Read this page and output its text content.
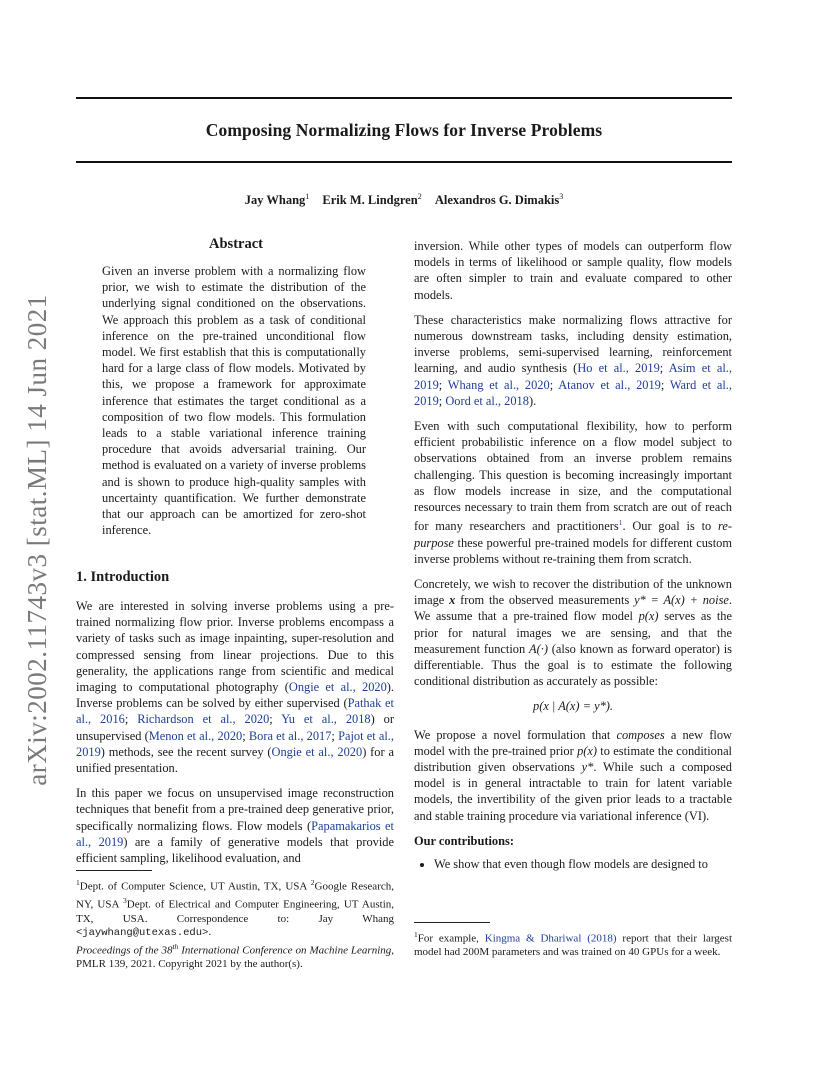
Composing Normalizing Flows for Inverse Problems
Jay Whang$^1$ Erik M. Lindgren$^2$ Alexandros G. Dimakis$^3$
arXiv:2002.11743v3 [stat.ML] 14 Jun 2021
Abstract
Given an inverse problem with a normalizing flow prior, we wish to estimate the distribution of the underlying signal conditioned on the observations. We approach this problem as a task of conditional inference on the pre-trained unconditional flow model. We first establish that this is computationally hard for a large class of flow models. Motivated by this, we propose a framework for approximate inference that estimates the target conditional as a composition of two flow models. This formulation leads to a stable variational inference training procedure that avoids adversarial training. Our method is evaluated on a variety of inverse problems and is shown to produce high-quality samples with uncertainty quantification. We further demonstrate that our approach can be amortized for zero-shot inference.
1. Introduction

We are interested in solving inverse problems using a pre-trained normalizing flow prior. Inverse problems encompass a variety of tasks such as image inpainting, super-resolution and compressed sensing from linear projections. Due to this generality, the applications range from scientific and medical imaging to computational photography (Ongie et al., 2020). Inverse problems can be solved by either supervised (Pathak et al., 2016; Richardson et al., 2020; Yu et al., 2018) or unsupervised (Menon et al., 2020; Bora et al., 2017; Pajot et al., 2019) methods, see the recent survey (Ongie et al., 2020) for a unified presentation.

In this paper we focus on unsupervised image reconstruction techniques that benefit from a pre-trained deep generative prior, specifically normalizing flows. Flow models (Papamakarios et al., 2019) are a family of generative models that provide efficient sampling, likelihood evaluation, and

$^1$Dept. of Computer Science, UT Austin, TX, USA $^2$Google Research, NY, USA $^3$Dept. of Electrical and Computer Engineering, UT Austin, TX, USA. Correspondence to: Jay Whang <jaywhang@utexas.edu>.

Proceedings of the 38th International Conference on Machine Learning, PMLR 139, 2021. Copyright 2021 by the author(s).

inversion. While other types of models can outperform flow models in terms of likelihood or sample quality, flow models are often simpler to train and evaluate compared to other models.

These characteristics make normalizing flows attractive for numerous downstream tasks, including density estimation, inverse problems, semi-supervised learning, reinforcement learning, and audio synthesis (Ho et al., 2019; Asim et al., 2019; Whang et al., 2020; Atanov et al., 2019; Ward et al., 2019; Oord et al., 2018).

Even with such computational flexibility, how to perform efficient probabilistic inference on a flow model subject to observations obtained from an inverse problem remains challenging. This question is becoming increasingly important as flow models increase in size, and the computational resources necessary to train them from scratch are out of reach for many researchers and practitioners$^1$. Our goal is to re-purpose these powerful pre-trained models for different custom inverse problems without re-training them from scratch.

Concretely, we wish to recover the distribution of the unknown image x from the observed measurements y* = A(x) + noise. We assume that a pre-trained flow model p(x) serves as the prior for natural images we are sensing, and that the measurement function A(·) (also known as forward operator) is differentiable. Thus the goal is to estimate the following conditional distribution as accurately as possible:

p(x | A(x) = y*).

We propose a novel formulation that composes a new flow model with the pre-trained prior p(x) to estimate the conditional distribution given observations y*. While such a composed model is in general intractable to train for latent variable models, the invertibility of the given prior leads to a tractable and stable training procedure via variational inference (VI).

Our contributions:
• We show that even though flow models are designed to

$^1$For example, Kingma & Dhariwal (2018) report that their largest model had 200M parameters and was trained on 40 GPUs for a week.
